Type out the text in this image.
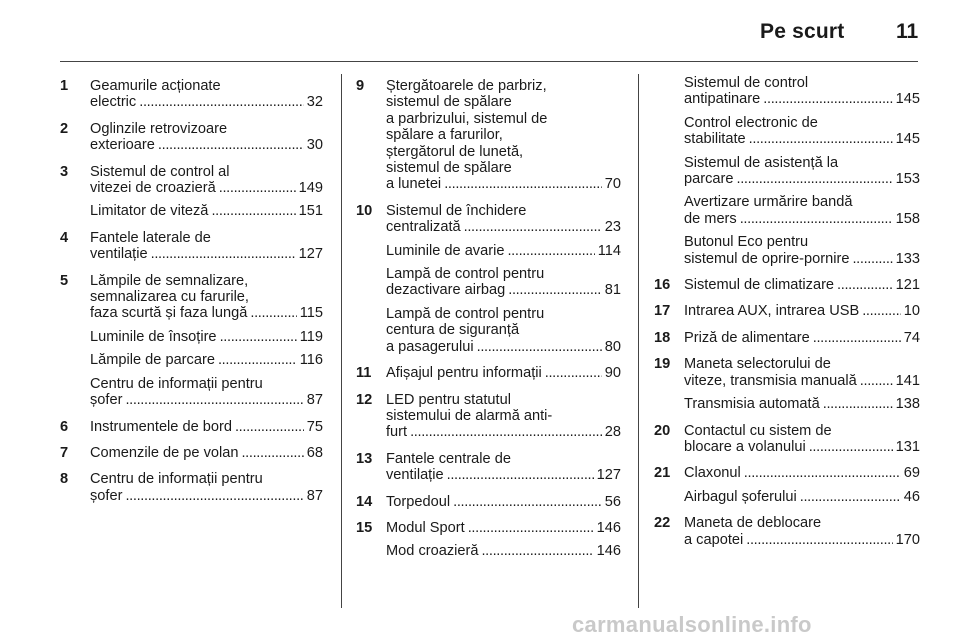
Pe scurt 11
1	Geamurile acționate
electric . . .	32
2	Oglinzile retrovizoare
exterioare . . .	30
3	Sistemul de control al
vitezei de croazieră . . .	149
Limitator de viteză . . .	151
4	Fantele laterale de
ventilație . . .	127
5	Lămpile de semnalizare,
semnalizarea cu farurile,
faza scurtă și faza lungă . . .	115
Luminile de însoțire . . .	119
Lămpile de parcare . . .	116
Centru de informații pentru
șofer . . .	87
6	Instrumentele de bord . . .	75
7	Comenzile de pe volan . . .	68
8	Centru de informații pentru
șofer . . .	87
9	Ștergătoarele de parbriz,
sistemul de spălare
a parbrizului, sistemul de
spălare a farurilor,
ștergătorul de lunetă,
sistemul de spălare
a lunetei . . .	70
10 Sistemul de închidere
centralizată . . .	23
Luminile de avarie . . .	114
Lampă de control pentru
dezactivare airbag . . .	81
Lampă de control pentru
centura de siguranță
a pasagerului . . .	80
11 Afișajul pentru informații . . .	90
12 LED pentru statutul
sistemului de alarmă anti-
furt . . .	28
13 Fantele centrale de
ventilație . . .	127
14 Torpedoul . . .	56
15 Modul Sport . . .	146
Mod croazieră . . .	146
Sistemul de control
antipatinare . . .	145
Control electronic de
stabilitate . . .	145
Sistemul de asistență la
parcare . . .	153
Avertizare urmărire bandă
de mers . . .	158
Butonul Eco pentru
sistemul de oprire-pornire . . .	133
16 Sistemul de climatizare . . .	121
17 Intrarea AUX, intrarea USB . . .	10
18 Priză de alimentare . . .	74
19 Maneta selectorului de
viteze, transmisia manuală . . .	141
Transmisia automată . . .	138
20 Contactul cu sistem de
blocare a volanului . . .	131
21 Claxonul . . .	69
Airbagul șoferului . . .	46
22 Maneta de deblocare
a capotei . . .	170
carmanualsonline.info
